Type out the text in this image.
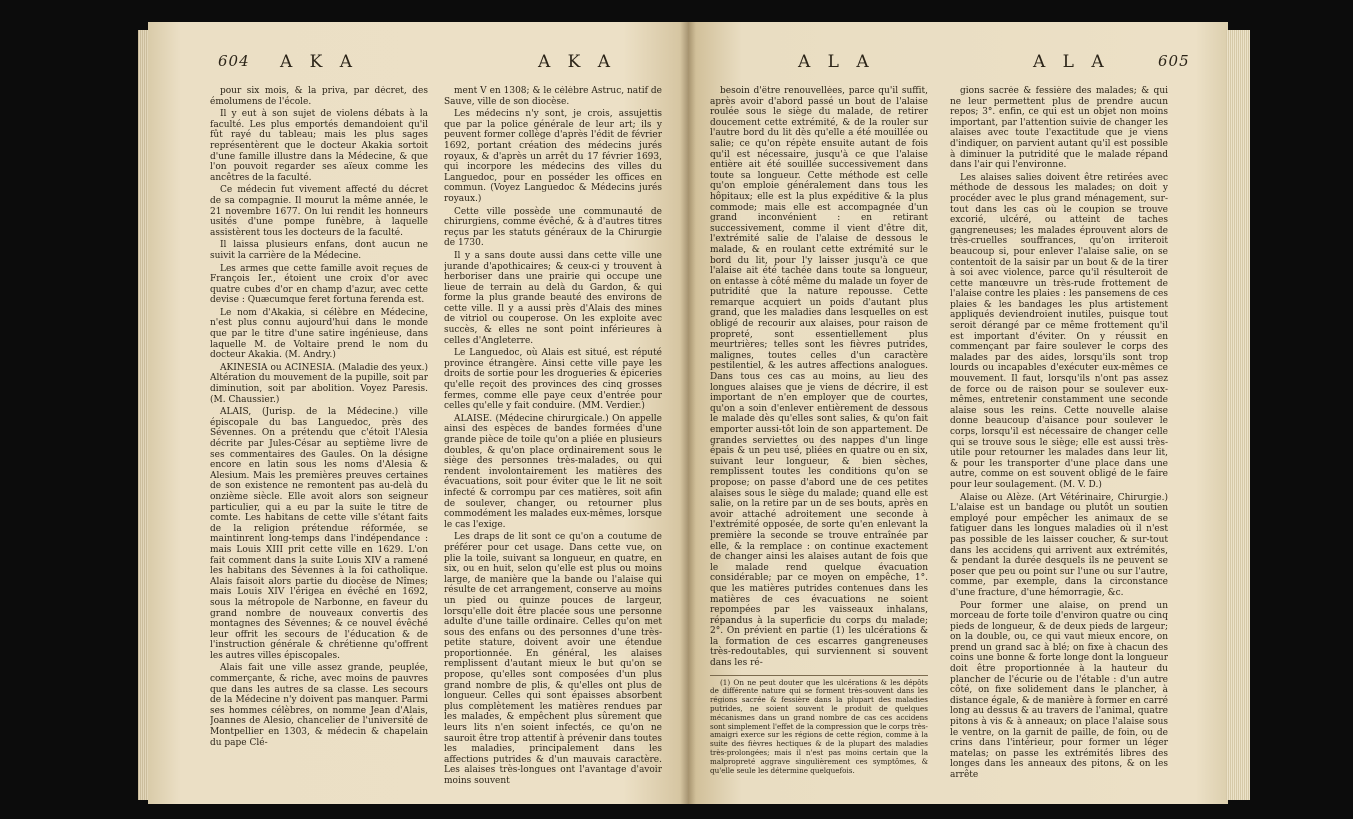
604 A K A	A K A

pour six mois, & la priva, par décret, des émolumens de l'école.

Il y eut à son sujet de violens débats à la faculté. Les plus emportés demandoient qu'il fût rayé du tableau; mais les plus sages représentèrent que le docteur Akakia sortoit d'une famille illustre dans la Médecine, & que l'on pouvoit regarder ses aïeux comme les ancêtres de la faculté.

Ce médecin fut vivement affecté du décret de sa compagnie. Il mourut la même année, le 21 novembre 1677. On lui rendit les honneurs usités d'une pompe funèbre, à laquelle assistèrent tous les docteurs de la faculté.

Il laissa plusieurs enfans, dont aucun ne suivit la carrière de la Médecine.

Les armes que cette famille avoit reçues de François Ier., étoient une croix d'or avec quatre cubes d'or en champ d'azur, avec cette devise : Quæcumque feret fortuna ferenda est.

Le nom d'Akakia, si célèbre en Médecine, n'est plus connu aujourd'hui dans le monde que par le titre d'une satire ingénieuse, dans laquelle M. de Voltaire prend le nom du docteur Akakia. (M. Andry.)

AKINESIA ou ACINESIA. (Maladie des yeux.) Altération du mouvement de la pupille, soit par diminution, soit par abolition. Voyez Paresis. (M. Chaussier.)

ALAIS, (Jurisp. de la Médecine.) ville épiscopale du bas Languedoc, près des Sévennes. On a prétendu que c'étoit l'Alesia décrite par Jules-César au septième livre de ses commentaires des Gaules. On la désigne encore en latin sous les noms d'Alesia & Alesium. Mais les premières preuves certaines de son existence ne remontent pas au-delà du onzième siècle. Elle avoit alors son seigneur particulier, qui a eu par la suite le titre de comte. Les habitans de cette ville s'étant faits de la religion prétendue réformée, se maintinrent long-temps dans l'indépendance : mais Louis XIII prit cette ville en 1629. L'on fait comment dans la suite Louis XIV a ramené les habitans des Sévennes à la foi catholique. Alais faisoit alors partie du diocèse de Nîmes; mais Louis XIV l'érigea en évêché en 1692, sous la métropole de Narbonne, en faveur du grand nombre de nouveaux convertis des montagnes des Sévennes; & ce nouvel évêché leur offrit les secours de l'éducation & de l'instruction générale & chrétienne qu'offrent les autres villes épiscopales.

Alais fait une ville assez grande, peuplée, commerçante, & riche, avec moins de pauvres que dans les autres de sa classe. Les secours de la Médecine n'y doivent pas manquer. Parmi ses hommes célèbres, on nomme Jean d'Alais, Joannes de Alesio, chancelier de l'université de Montpellier en 1303, & médecin & chapelain du pape Clé-

ment V en 1308; & le célèbre Astruc, natif de Sauve, ville de son diocèse.

Les médecins n'y sont, je crois, assujettis que par la police générale de leur art; ils y peuvent former collège d'après l'édit de février 1692, portant création des médecins jurés royaux, & d'après un arrêt du 17 février 1693, qui incorpore les médecins des villes du Languedoc, pour en posséder les offices en commun. (Voyez Languedoc & Médecins jurés royaux.)

Cette ville possède une communauté de chirurgiens, comme évêché, & à d'autres titres reçus par les statuts généraux de la Chirurgie de 1730.

Il y a sans doute aussi dans cette ville une jurande d'apothicaires; & ceux-ci y trouvent à herboriser dans une prairie qui occupe une lieue de terrain au delà du Gardon, & qui forme la plus grande beauté des environs de cette ville. Il y a aussi près d'Alais des mines de vitriol ou couperose. On les exploite avec succès, & elles ne sont point inférieures à celles d'Angleterre.

Le Languedoc, où Alais est situé, est réputé province étrangère. Ainsi cette ville paye les droits de sortie pour les drogueries & épiceries qu'elle reçoit des provinces des cinq grosses fermes, comme elle paye ceux d'entrée pour celles qu'elle y fait conduire. (MM. Verdier.)

ALAISE. (Médecine chirurgicale.) On appelle ainsi des espèces de bandes formées d'une grande pièce de toile qu'on a pliée en plusieurs doubles, & qu'on place ordinairement sous le siège des personnes très-malades, ou qui rendent involontairement les matières des évacuations, soit pour éviter que le lit ne soit infecté & corrompu par ces matières, soit afin de soulever, changer, ou retourner plus commodément les malades eux-mêmes, lorsque le cas l'exige.

Les draps de lit sont ce qu'on a coutume de préférer pour cet usage. Dans cette vue, on plie la toile, suivant sa longueur, en quatre, en six, ou en huit, selon qu'elle est plus ou moins large, de manière que la bande ou l'alaise qui résulte de cet arrangement, conserve au moins un pied ou quinze pouces de largeur, lorsqu'elle doit être placée sous une personne adulte d'une taille ordinaire. Celles qu'on met sous des enfans ou des personnes d'une très-petite stature, doivent avoir une étendue proportionnée. En général, les alaises remplissent d'autant mieux le but qu'on se propose, qu'elles sont composées d'un plus grand nombre de plis, & qu'elles ont plus de longueur. Celles qui sont épaisses absorbent plus complètement les matières rendues par les malades, & empêchent plus sûrement que leurs lits n'en soient infectés, ce qu'on ne sauroit être trop attentif à prévenir dans toutes les maladies, principalement dans les affections putrides & d'un mauvais caractère. Les alaises très-longues ont l'avantage d'avoir moins souvent

A L A	A L A	605

besoin d'être renouvellées, parce qu'il suffit, après avoir d'abord passé un bout de l'alaise roulée sous le siège du malade, de retirer doucement cette extrémité, & de la rouler sur l'autre bord du lit dès qu'elle a été mouillée ou salie; ce qu'on répète ensuite autant de fois qu'il est nécessaire, jusqu'à ce que l'alaise entière ait été souillée successivement dans toute sa longueur. Cette méthode est celle qu'on emploie généralement dans tous les hôpitaux; elle est la plus expéditive & la plus commode; mais elle est accompagnée d'un grand inconvénient : en retirant successivement, comme il vient d'être dit, l'extrémité salie de l'alaise de dessous le malade, & en roulant cette extrémité sur le bord du lit, pour l'y laisser jusqu'à ce que l'alaise ait été tachée dans toute sa longueur, on entasse à côté même du malade un foyer de putridité que la nature repousse. Cette remarque acquiert un poids d'autant plus grand, que les maladies dans lesquelles on est obligé de recourir aux alaises, pour raison de propreté, sont essentiellement plus meurtrières; telles sont les fièvres putrides, malignes, toutes celles d'un caractère pestilentiel, & les autres affections analogues. Dans tous ces cas au moins, au lieu des longues alaises que je viens de décrire, il est important de n'en employer que de courtes, qu'on a soin d'enlever entièrement de dessous le malade dès qu'elles sont salies, & qu'on fait emporter aussi-tôt loin de son appartement. De grandes serviettes ou des nappes d'un linge épais & un peu usé, pliées en quatre ou en six, suivant leur longueur, & bien sèches, remplissent toutes les conditions qu'on se propose; on passe d'abord une de ces petites alaises sous le siège du malade; quand elle est salie, on la retire par un de ses bouts, après en avoir attaché adroitement une seconde à l'extrémité opposée, de sorte qu'en enlevant la première la seconde se trouve entraînée par elle, & la remplace : on continue exactement de changer ainsi les alaises autant de fois que le malade rend quelque évacuation considérable; par ce moyen on empêche, 1°. que les matières putrides contenues dans les matières de ces évacuations ne soient repompées par les vaisseaux inhalans, répandus à la superficie du corps du malade; 2°. On prévient en partie (1) les ulcérations & la formation de ces escarres gangreneuses très-redoutables, qui surviennent si souvent dans les ré-

(1) On ne peut douter que les ulcérations & les dépôts de différente nature qui se forment très-souvent dans les régions sacrée & fessière dans la plupart des maladies putrides, ne soient souvent le produit de quelques mécanismes dans un grand nombre de cas ces accidens sont simplement l'effet de la compression que le corps très-amaigri exerce sur les régions de cette région, comme à la suite des fièvres hectiques & de la plupart des maladies très-prolongées; mais il n'est pas moins certain que la malpropreté aggrave singulièrement ces symptômes, & qu'elle seule les détermine quelquefois.

gions sacrée & fessière des malades; & qui ne leur permettent plus de prendre aucun repos; 3°. enfin, ce qui est un objet non moins important, par l'attention suivie de changer les alaises avec toute l'exactitude que je viens d'indiquer, on parvient autant qu'il est possible à diminuer la putridité que le malade répand dans l'air qui l'environne.

Les alaises salies doivent être retirées avec méthode de dessous les malades; on doit y procéder avec le plus grand ménagement, sur-tout dans les cas où le coupion se trouve excorié, ulcéré, ou atteint de taches gangreneuses; les malades éprouvent alors de très-cruelles souffrances, qu'on irriteroit beaucoup si, pour enlever l'alaise salie, on se contentoit de la saisir par un bout & de la tirer à soi avec violence, parce qu'il résulteroit de cette manœuvre un très-rude frottement de l'alaise contre les plaies : les pansemens de ces plaies & les bandages les plus artistement appliqués deviendroient inutiles, puisque tout seroit dérangé par ce même frottement qu'il est important d'éviter. On y réussit en commençant par faire soulever le corps des malades par des aides, lorsqu'ils sont trop lourds ou incapables d'exécuter eux-mêmes ce mouvement. Il faut, lorsqu'ils n'ont pas assez de force ou de raison pour se soulever eux-mêmes, entretenir constamment une seconde alaise sous les reins. Cette nouvelle alaise donne beaucoup d'aisance pour soulever le corps, lorsqu'il est nécessaire de changer celle qui se trouve sous le siège; elle est aussi très-utile pour retourner les malades dans leur lit, & pour les transporter d'une place dans une autre, comme on est souvent obligé de le faire pour leur soulagement. (M. V. D.)

Alaise ou Alèze. (Art Vétérinaire, Chirurgie.) L'alaise est un bandage ou plutôt un soutien employé pour empêcher les animaux de se fatiguer dans les longues maladies où il n'est pas possible de les laisser coucher, & sur-tout dans les accidens qui arrivent aux extrémités, & pendant la durée desquels ils ne peuvent se poser que peu ou point sur l'une ou sur l'autre, comme, par exemple, dans la circonstance d'une fracture, d'une hémorragie, &c.

Pour former une alaise, on prend un morceau de forte toile d'environ quatre ou cinq pieds de longueur, & de deux pieds de largeur; on la double, ou, ce qui vaut mieux encore, on prend un grand sac à blé; on fixe à chacun des coins une bonne & forte longe dont la longueur doit être proportionnée à la hauteur du plancher de l'écurie ou de l'étable : d'un autre côté, on fixe solidement dans le plancher, à distance égale, & de manière à former en carré long au dessus & au travers de l'animal, quatre pitons à vis & à anneaux; on place l'alaise sous le ventre, on la garnit de paille, de foin, ou de crins dans l'intérieur, pour former un léger matelas; on passe les extrémités libres des longes dans les anneaux des pitons, & on les arrête
